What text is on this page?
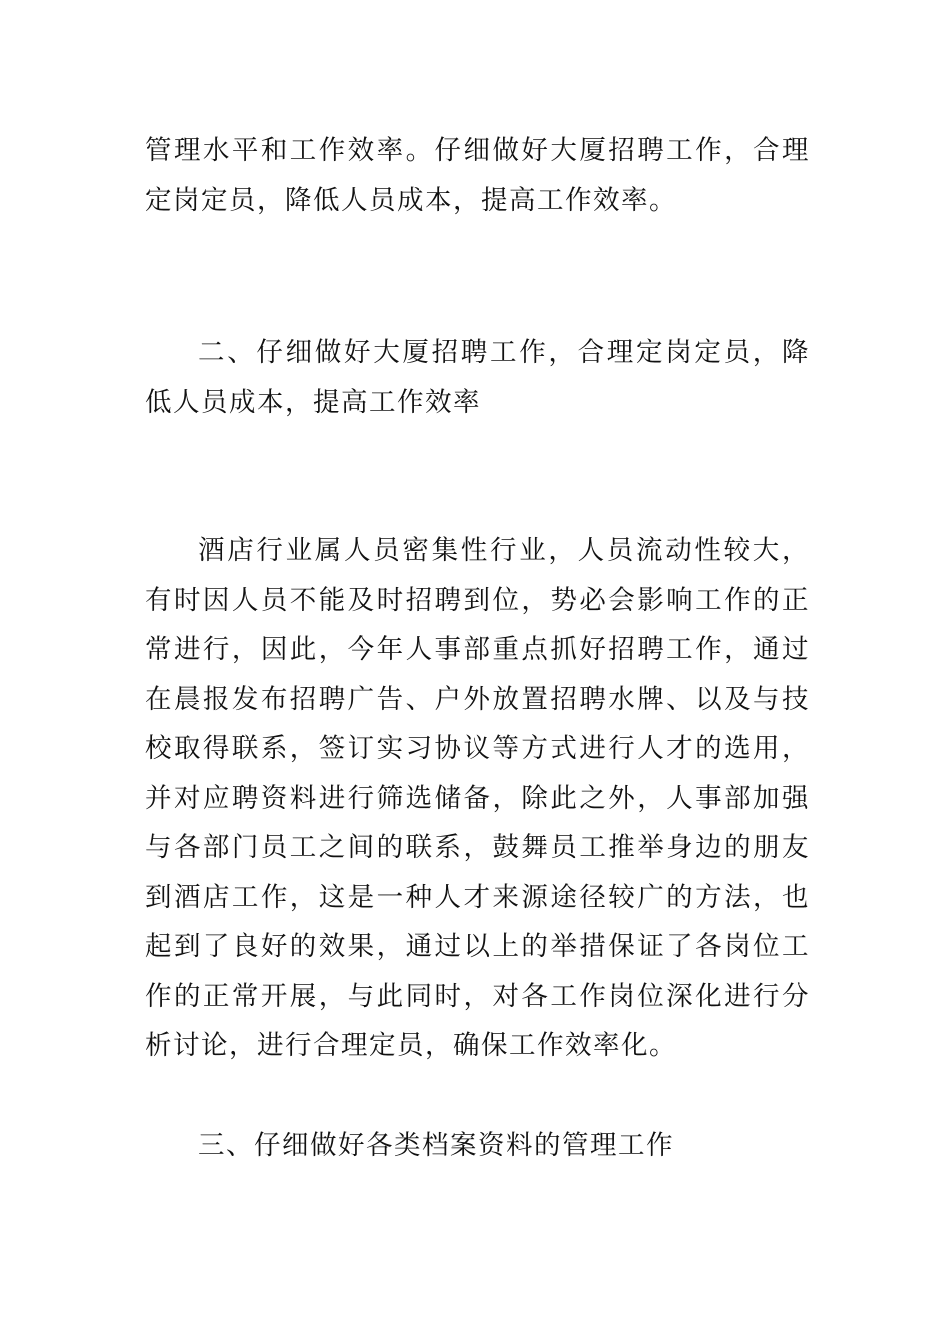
管理水平和工作效率。仔细做好大厦招聘工作，合理定岗定员，降低人员成本，提高工作效率。

二、仔细做好大厦招聘工作，合理定岗定员，降低人员成本，提高工作效率

酒店行业属人员密集性行业，人员流动性较大，有时因人员不能及时招聘到位，势必会影响工作的正常进行，因此，今年人事部重点抓好招聘工作，通过在晨报发布招聘广告、户外放置招聘水牌、以及与技校取得联系，签订实习协议等方式进行人才的选用，并对应聘资料进行筛选储备，除此之外，人事部加强与各部门员工之间的联系，鼓舞员工推举身边的朋友到酒店工作，这是一种人才来源途径较广的方法，也起到了良好的效果，通过以上的举措保证了各岗位工作的正常开展，与此同时，对各工作岗位深化进行分析讨论，进行合理定员，确保工作效率化。

三、仔细做好各类档案资料的管理工作
